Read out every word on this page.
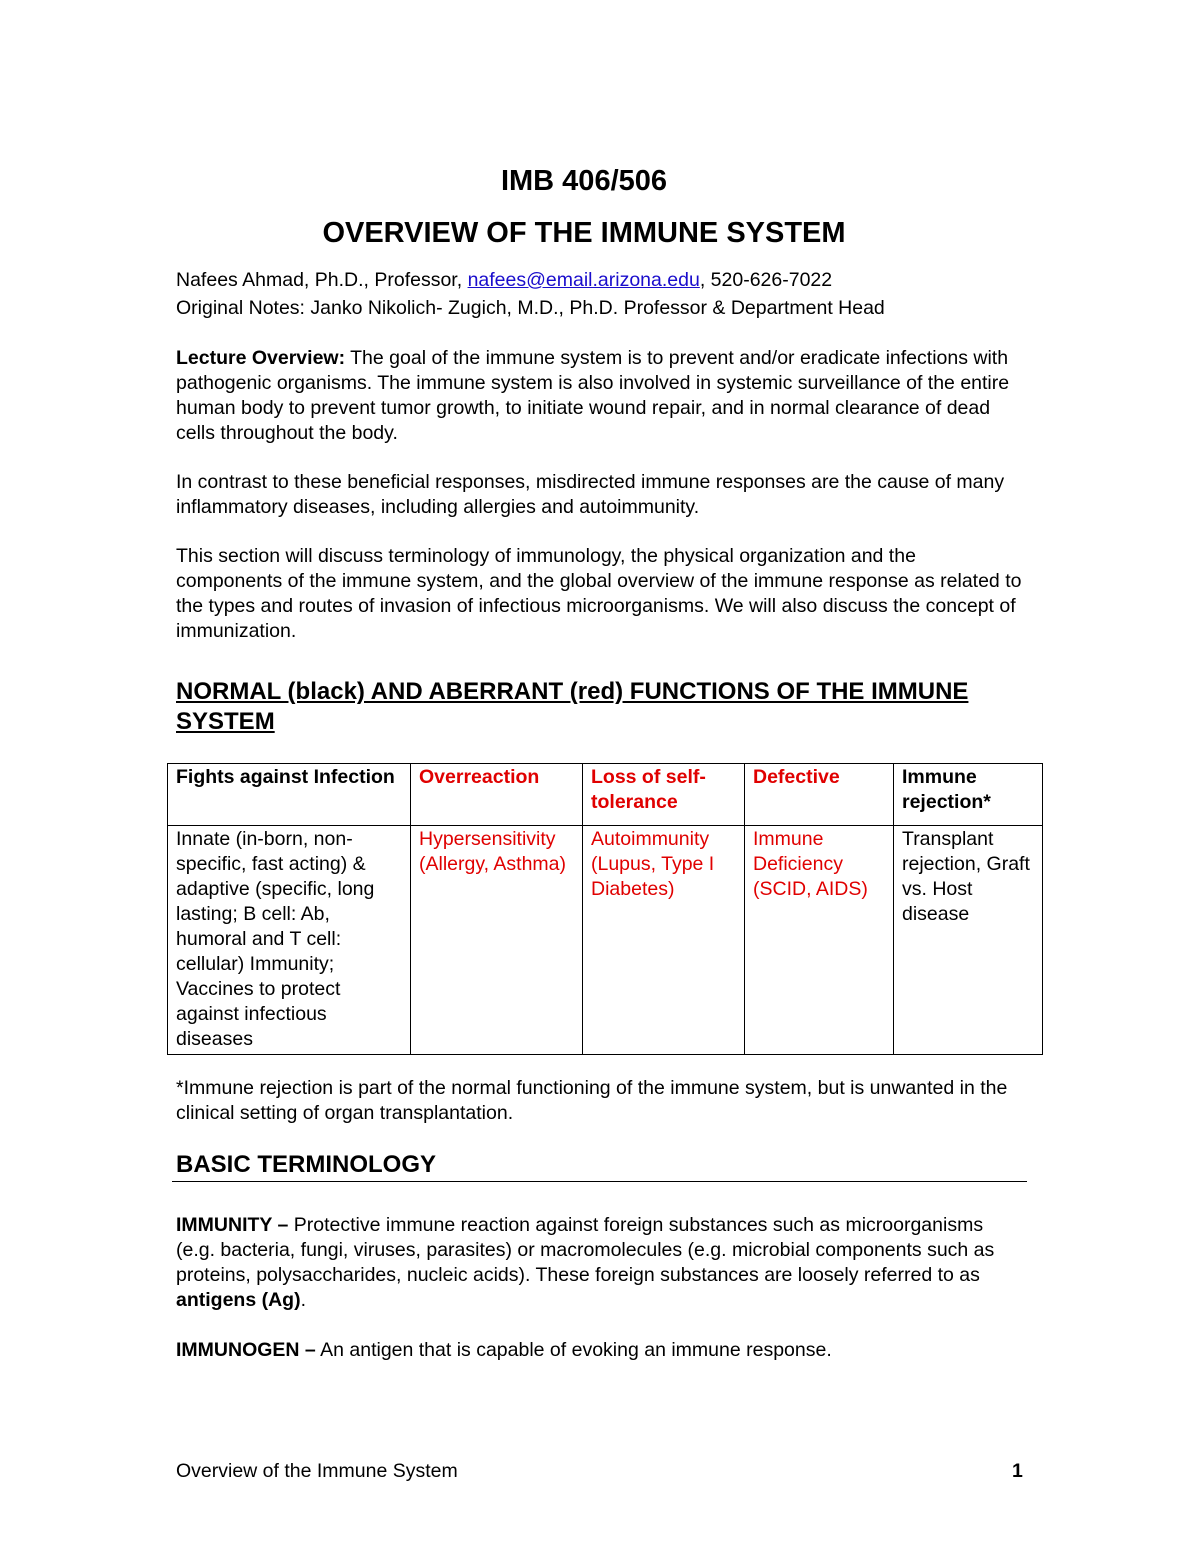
IMB 406/506
OVERVIEW OF THE IMMUNE SYSTEM
Nafees Ahmad, Ph.D., Professor, nafees@email.arizona.edu, 520-626-7022
Original Notes: Janko Nikolich- Zugich, M.D., Ph.D. Professor & Department Head
Lecture Overview: The goal of the immune system is to prevent and/or eradicate infections with pathogenic organisms. The immune system is also involved in systemic surveillance of the entire human body to prevent tumor growth, to initiate wound repair, and in normal clearance of dead cells throughout the body.
In contrast to these beneficial responses, misdirected immune responses are the cause of many inflammatory diseases, including allergies and autoimmunity.
This section will discuss terminology of immunology, the physical organization and the components of the immune system, and the global overview of the immune response as related to the types and routes of invasion of infectious microorganisms. We will also discuss the concept of immunization.
NORMAL (black) AND ABERRANT (red) FUNCTIONS OF THE IMMUNE SYSTEM
Fights against Infection	Overreaction	Loss of self-tolerance	Defective	Immune rejection*
Innate (in-born, non-specific, fast acting) & adaptive (specific, long lasting; B cell: Ab, humoral and T cell: cellular) Immunity; Vaccines to protect against infectious diseases	Hypersensitivity (Allergy, Asthma)	Autoimmunity (Lupus, Type I Diabetes)	Immune Deficiency (SCID, AIDS)	Transplant rejection, Graft vs. Host disease
*Immune rejection is part of the normal functioning of the immune system, but is unwanted in the clinical setting of organ transplantation.
BASIC TERMINOLOGY
IMMUNITY – Protective immune reaction against foreign substances such as microorganisms (e.g. bacteria, fungi, viruses, parasites) or macromolecules (e.g. microbial components such as proteins, polysaccharides, nucleic acids). These foreign substances are loosely referred to as antigens (Ag).
IMMUNOGEN – An antigen that is capable of evoking an immune response.
Overview of the Immune System	1
